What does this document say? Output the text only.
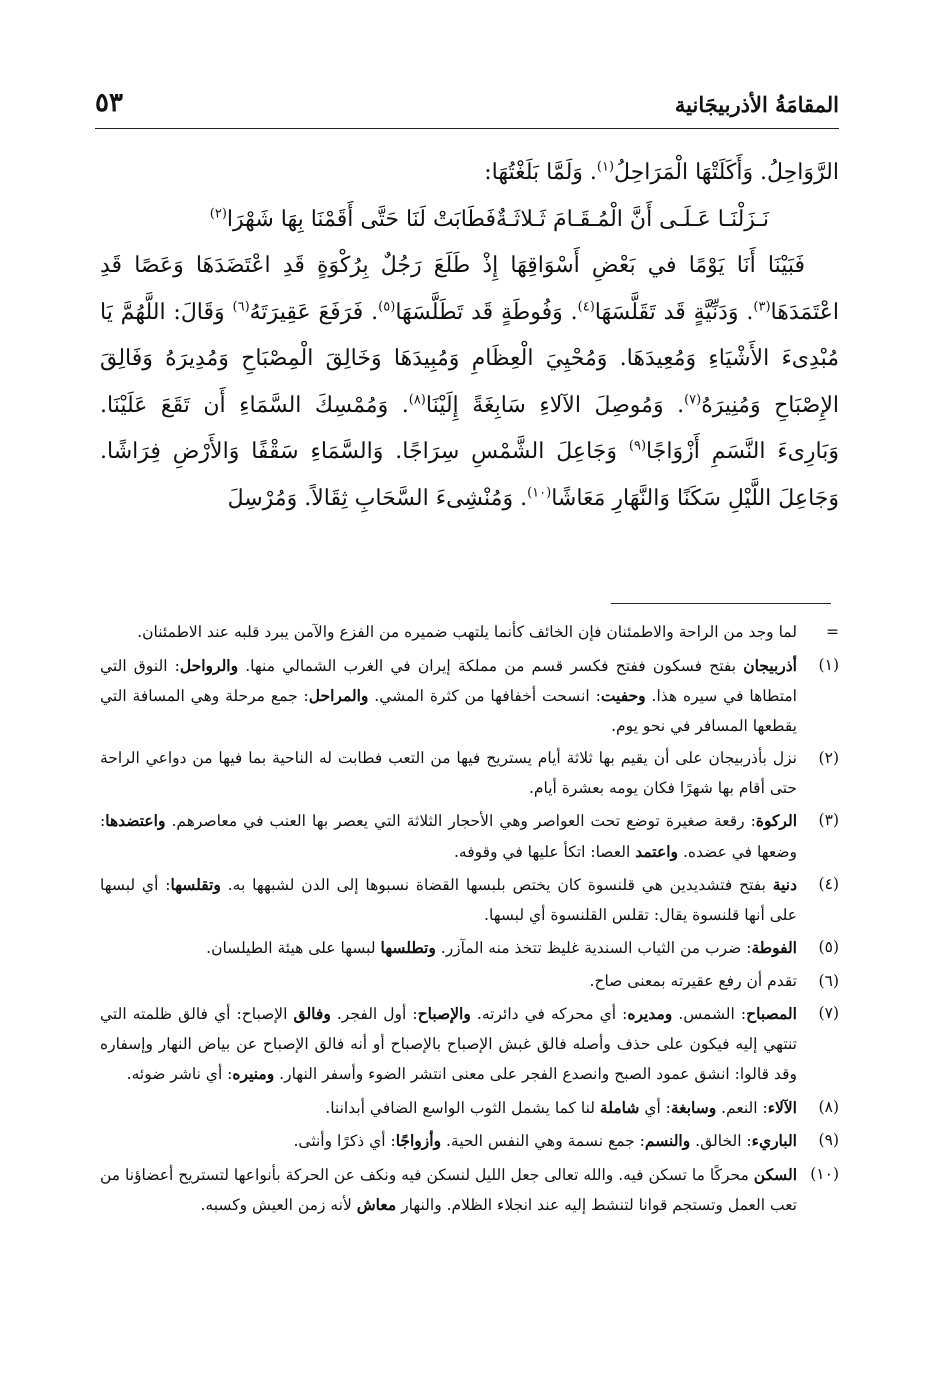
المقامَةُ الأذربيجَانية
٥٣

الرَّوَاحِلُ. وَأَكَلَتْهَا الْمَرَاحِلُ$^{(١)}$. وَلَمَّا بَلَغْتُهَا:

نَـزَلْنَـا عَـلَـى أَنَّ الْمُـقَـامَ ثَـلاثَـةٌ
فَطَابَتْ لَنَا حَتَّى أَقَمْنَا بِهَا شَهْرَا$^{(٢)}$

فَبَيْنَا أَنَا يَوْمًا في بَعْضِ أَسْوَاقِهَا إِذْ طَلَعَ رَجُلٌ بِرُكْوَةٍ قَدِ اعْتَضَدَهَا وَعَصًا قَدِ اعْتَمَدَهَا$^{(٣)}$. وَدَنِّيَّةٍ قَد تَقَلَّسَهَا$^{(٤)}$. وَفُوطَةٍ قَد تَطَلَّسَهَا$^{(٥)}$. فَرَفَعَ عَقِيرَتَهُ$^{(٦)}$ وَقَالَ: اللَّهُمَّ يَا مُبْدِىءَ الأَشْيَاءِ وَمُعِيدَهَا. وَمُحْيِيَ الْعِظَامِ وَمُبِيدَهَا وَخَالِقَ الْمِصْبَاحِ وَمُدِيرَهُ وَفَالِقَ الإِصْبَاحِ وَمُنِيرَهُ$^{(٧)}$. وَمُوصِلَ الآلاءِ سَابِغَةً إِلَيْنَا$^{(٨)}$. وَمُمْسِكَ السَّمَاءِ أَن تَقَعَ عَلَيْنَا. وَبَارِىءَ النَّسَمِ أَزْوَاجًا$^{(٩)}$ وَجَاعِلَ الشَّمْسِ سِرَاجًا. وَالسَّمَاءِ سَقْفًا وَالأَرْضِ فِرَاشًا. وَجَاعِلَ اللَّيْلِ سَكَنًا وَالنَّهَارِ مَعَاشًا$^{(١٠)}$. وَمُنْشِىءَ السَّحَابِ ثِقَالاً. وَمُرْسِلَ

=
لما وجد من الراحة والاطمئنان فإن الخائف كأنما يلتهب ضميره من الفزع والآمن يبرد قلبه عند الاطمئنان.
(١)
أذربيجان بفتح فسكون ففتح فكسر قسم من مملكة إيران في الغرب الشمالي منها. والرواحل: النوق التي امتطاها في سيره هذا. وحفيت: انسحت أخفافها من كثرة المشي. والمراحل: جمع مرحلة وهي المسافة التي يقطعها المسافر في نحو يوم.
(٢)
نزل بأذربيجان على أن يقيم بها ثلاثة أيام يستريح فيها من التعب فطابت له الناحية بما فيها من دواعي الراحة حتى أقام بها شهرًا فكان يومه بعشرة أيام.
(٣)
الركوة: رقعة صغيرة توضع تحت العواصر وهي الأحجار الثلاثة التي يعصر بها العنب في معاصرهم. واعتضدها: وضعها في عضده. واعتمد العصا: اتكأ عليها في وقوفه.
(٤)
دنية بفتح فتشديدين هي قلنسوة كان يختص بلبسها القضاة نسبوها إلى الدن لشبهها به. وتقلسها: أي لبسها على أنها قلنسوة يقال: تقلس القلنسوة أي لبسها.
(٥)
الفوطة: ضرب من الثياب السندية غليظ تتخذ منه المآزر. وتطلسها لبسها على هيئة الطيلسان.
(٦)
تقدم أن رفع عقيرته بمعنى صاح.
(٧)
المصباح: الشمس. ومديره: أي محركه في دائرته. والإصباح: أول الفجر. وفالق الإصباح: أي فالق ظلمته التي تنتهي إليه فيكون على حذف وأصله فالق غبش الإصباح بالإصباح أو أنه فالق الإصباح عن بياض النهار وإسفاره وقد قالوا: انشق عمود الصبح وانصدع الفجر على معنى انتشر الضوء وأسفر النهار. ومنيره: أي ناشر ضوئه.
(٨)
الآلاء: النعم. وسابغة: أي شاملة لنا كما يشمل الثوب الواسع الضافي أبداننا.
(٩)
الباريء: الخالق. والنسم: جمع نسمة وهي النفس الحية. وأزواجًا: أي ذكرًا وأنثى.
(١٠)
السكن محركًا ما تسكن فيه. والله تعالى جعل الليل لنسكن فيه ونكف عن الحركة بأنواعها لتستريح أعضاؤنا من تعب العمل وتستجم قوانا لتنشط إليه عند انجلاء الظلام. والنهار معاش لأنه زمن العيش وكسبه.
